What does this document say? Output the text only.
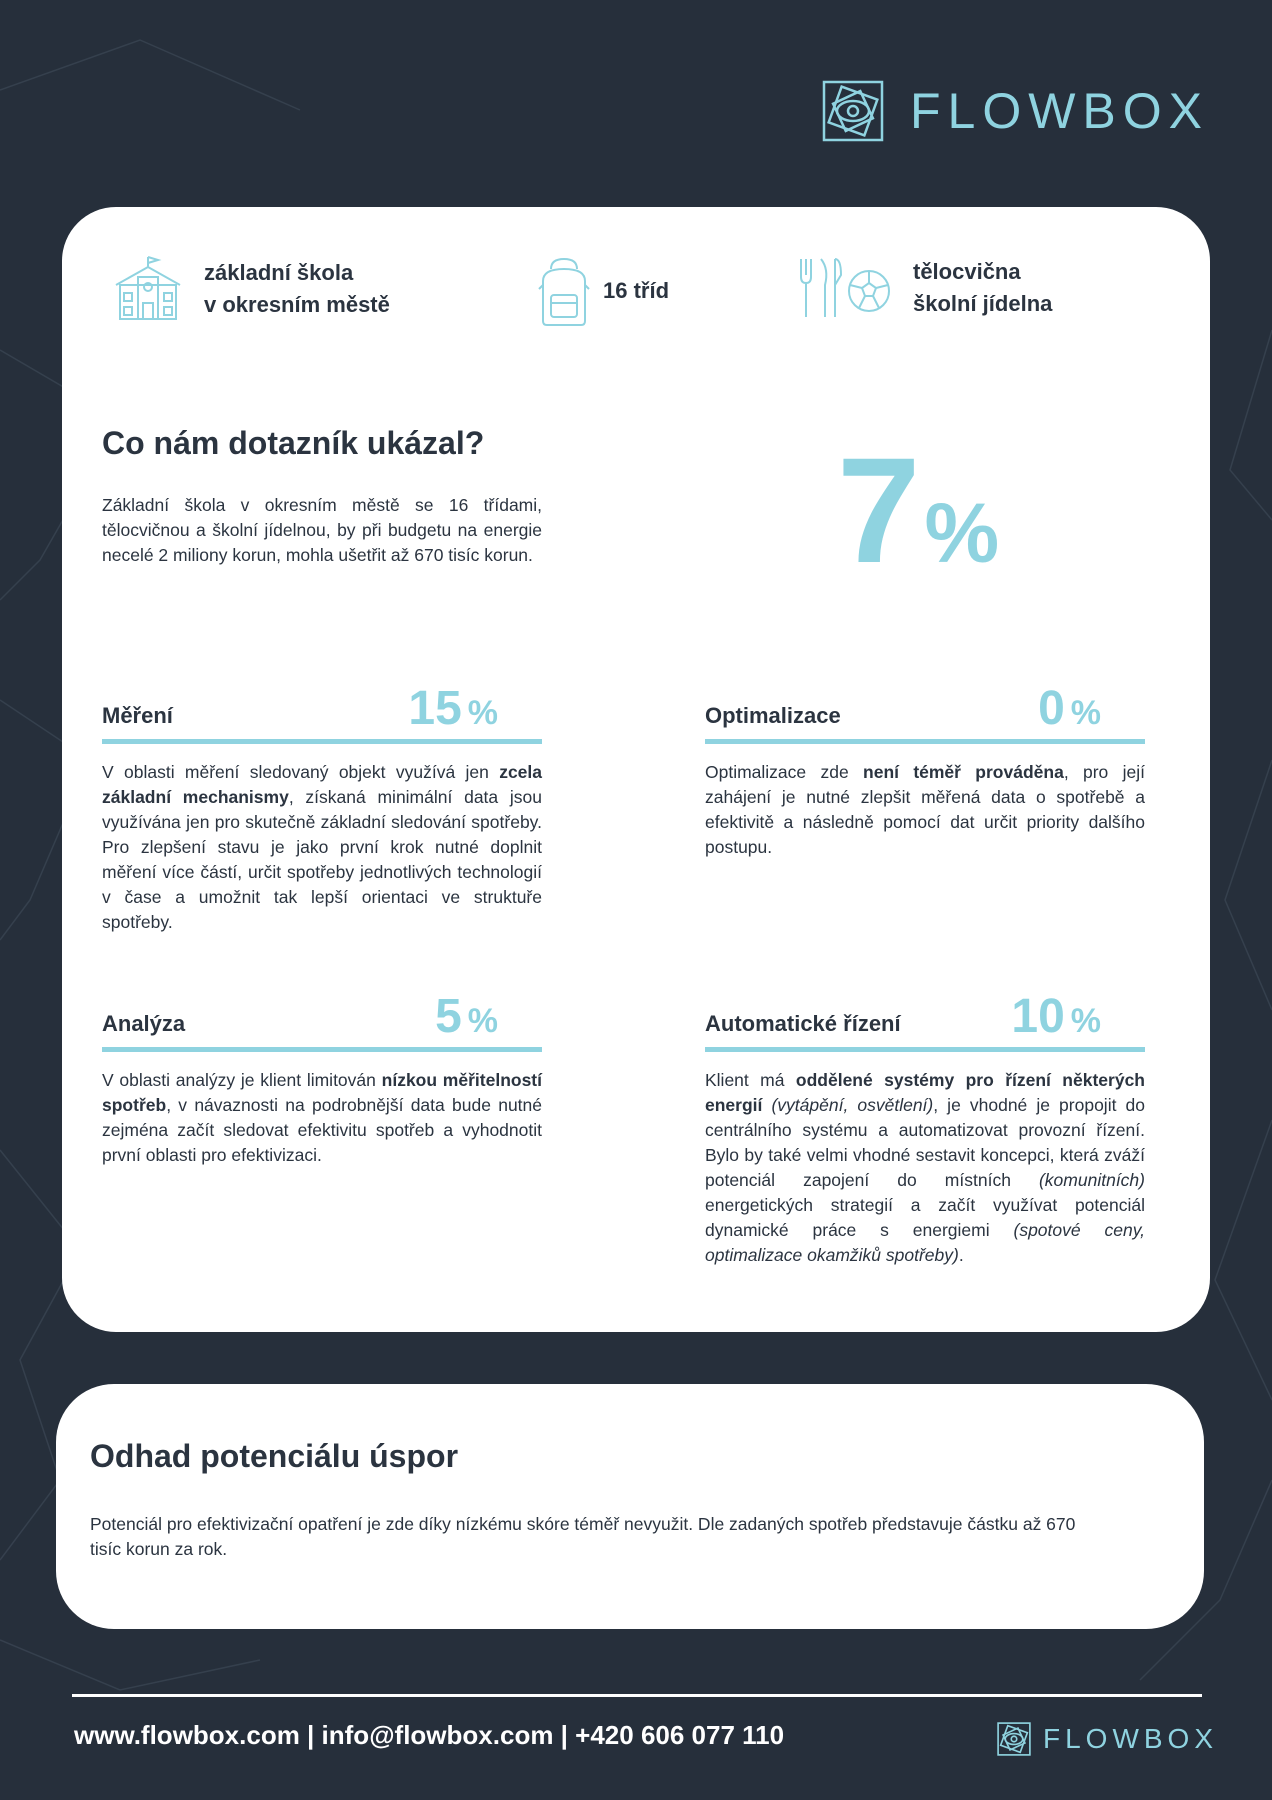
FLOWBOX
základní škola
v okresním městě
16 tříd
tělocvična
školní jídelna
Co nám dotazník ukázal?

Základní škola v okresním městě se 16 třídami, tělocvičnou a školní jídelnou, by při budgetu na energie necelé 2 miliony korun, mohla ušetřit až 670 tisíc korun. 7%
Měření	15 %
V oblasti měření sledovaný objekt využívá jen zcela základní mechanismy, získaná minimální data jsou využívána jen pro skutečně základní sledování spotřeby. Pro zlepšení stavu je jako první krok nutné doplnit měření více částí, určit spotřeby jednotlivých technologií v čase a umožnit tak lepší orientaci ve struktuře spotřeby.
Optimalizace	0 %
Optimalizace zde není téměř prováděna, pro její zahájení je nutné zlepšit měřená data o spotřebě a efektivitě a následně pomocí dat určit priority dalšího postupu.
Analýza	5 %
V oblasti analýzy je klient limitován nízkou měřitelností spotřeb, v návaznosti na podrobnější data bude nutné zejména začít sledovat efektivitu spotřeb a vyhodnotit první oblasti pro efektivizaci.
Automatické řízení 10 %
Klient má oddělené systémy pro řízení některých energií (vytápění, osvětlení), je vhodné je propojit do centrálního systému a automatizovat provozní řízení. Bylo by také velmi vhodné sestavit koncepci, která zváží potenciál zapojení do místních (komunitních) energetických strategií a začít využívat potenciál dynamické práce s energiemi (spotové ceny, optimalizace okamžiků spotřeby).
Odhad potenciálu úspor

Potenciál pro efektivizační opatření je zde díky nízkému skóre téměř nevyužit. Dle zadaných spotřeb představuje částku až 670 tisíc korun za rok.

www.flowbox.com | info@flowbox.com | +420 606 077 110	FLOWBOX
